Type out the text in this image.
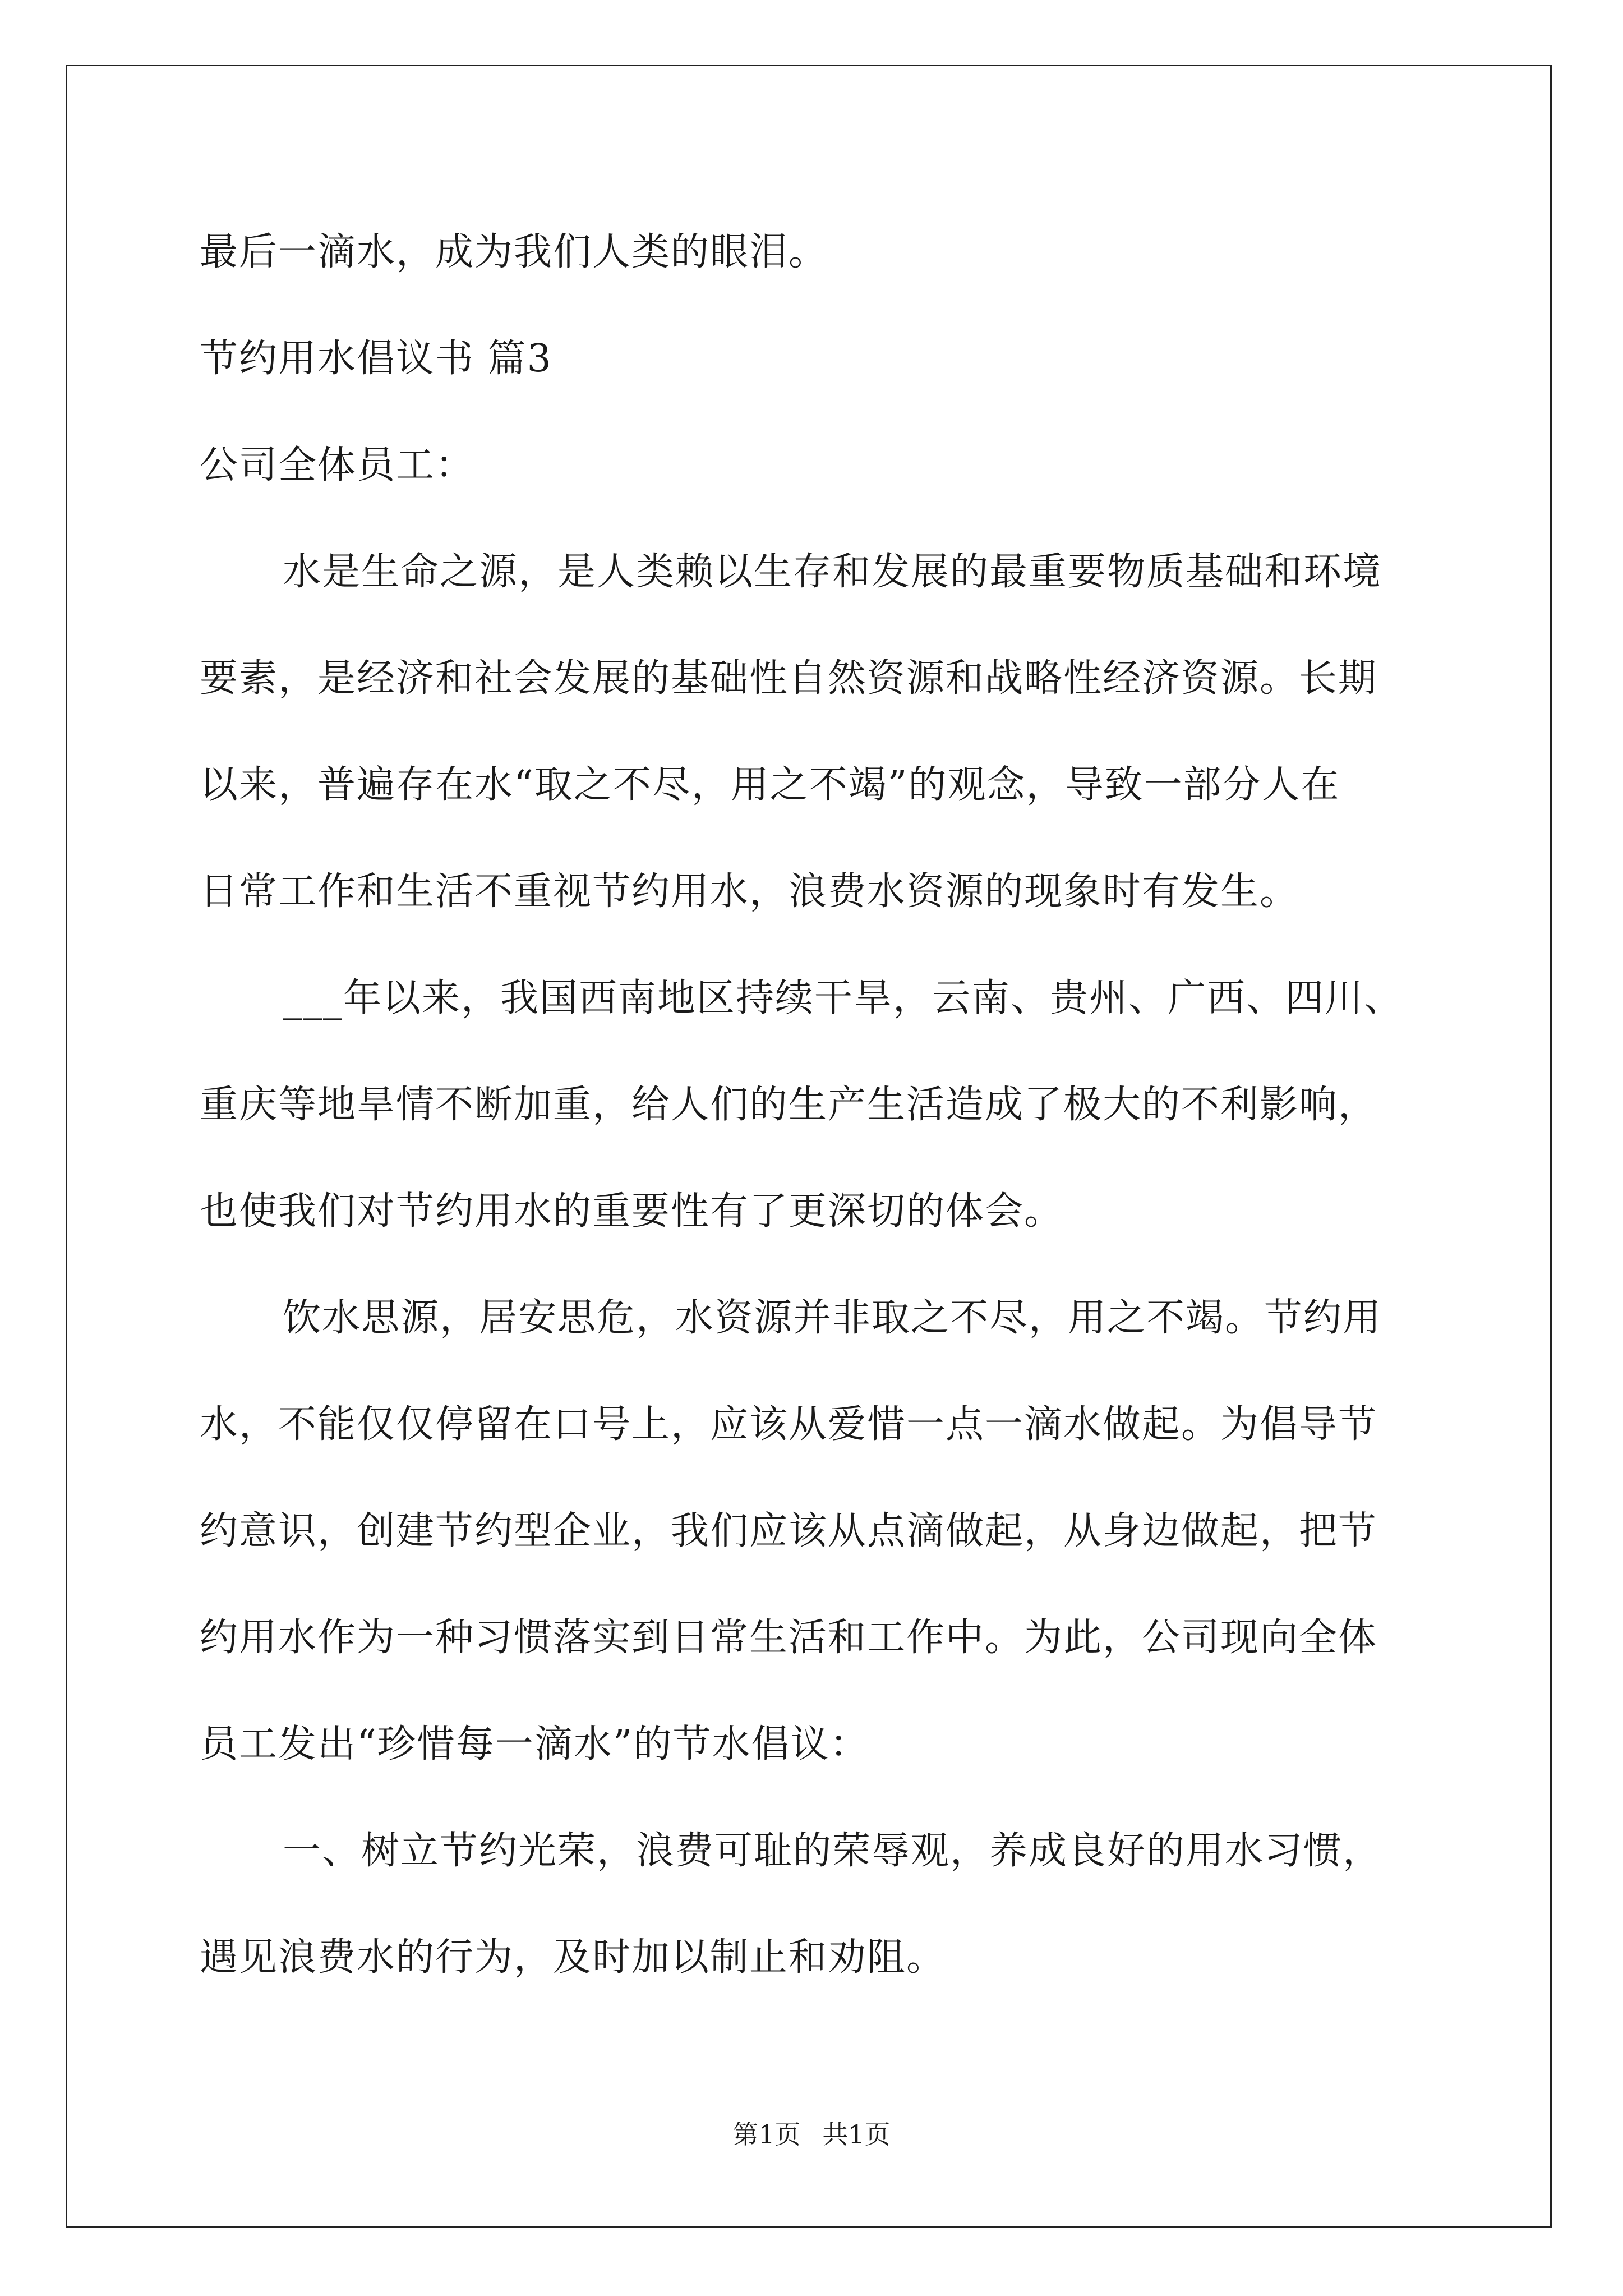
最后一滴水，成为我们人类的眼泪。
节约用水倡议书 篇3
公司全体员工：
水是生命之源，是人类赖以生存和发展的最重要物质基础和环境
要素，是经济和社会发展的基础性自然资源和战略性经济资源。长期
以来，普遍存在水“取之不尽，用之不竭”的观念，导致一部分人在
日常工作和生活不重视节约用水，浪费水资源的现象时有发生。
___年以来，我国西南地区持续干旱，云南、贵州、广西、四川、
重庆等地旱情不断加重，给人们的生产生活造成了极大的不利影响，
也使我们对节约用水的重要性有了更深切的体会。
饮水思源，居安思危，水资源并非取之不尽，用之不竭。节约用
水，不能仅仅停留在口号上，应该从爱惜一点一滴水做起。为倡导节
约意识，创建节约型企业，我们应该从点滴做起，从身边做起，把节
约用水作为一种习惯落实到日常生活和工作中。为此，公司现向全体
员工发出“珍惜每一滴水”的节水倡议：
一、树立节约光荣，浪费可耻的荣辱观，养成良好的用水习惯，
遇见浪费水的行为，及时加以制止和劝阻。
第1页 共1页
